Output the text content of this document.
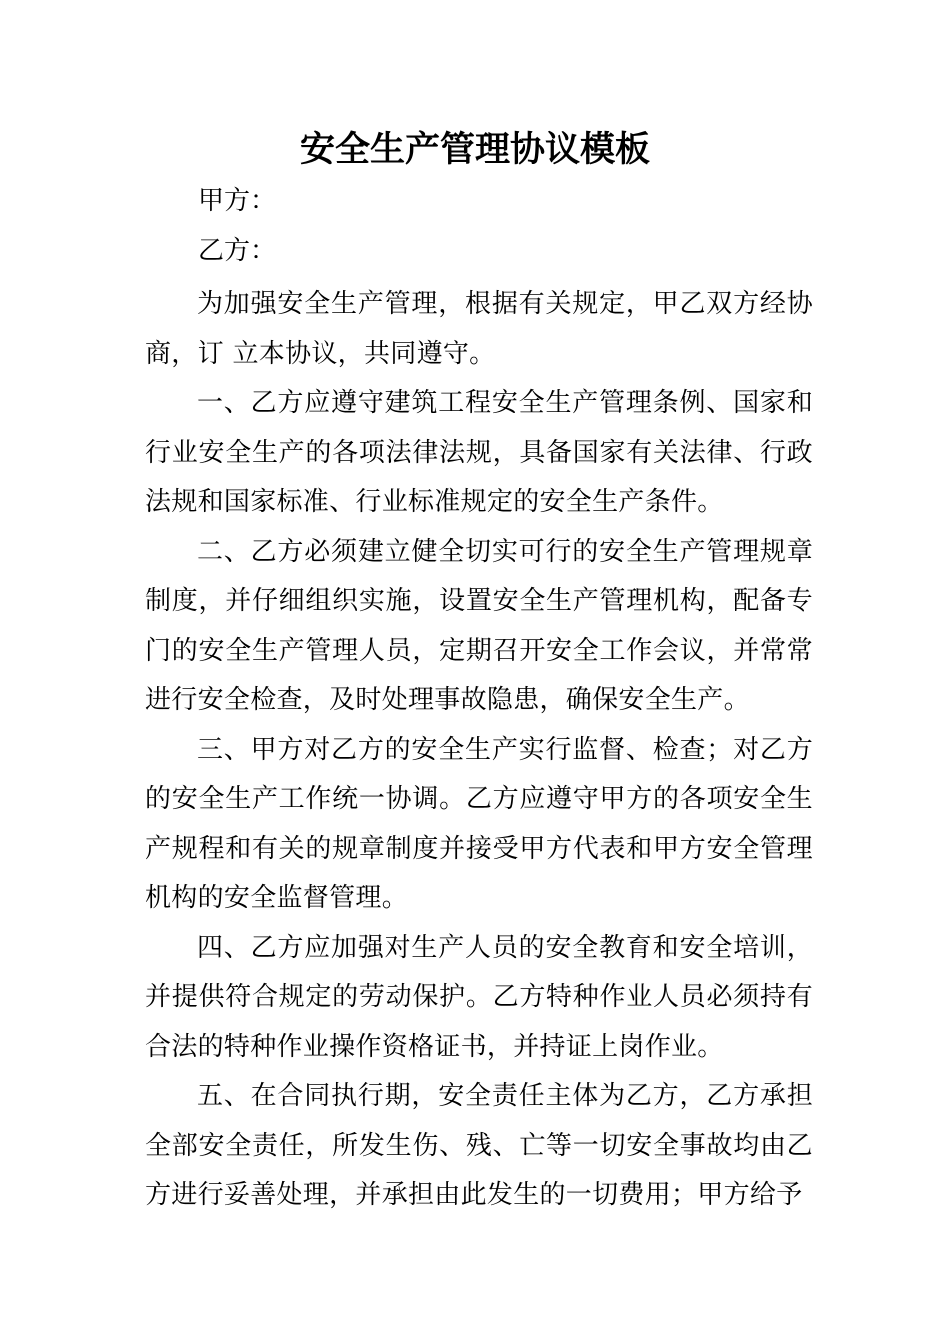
安全生产管理协议模板

甲方：

乙方：

为加强安全生产管理，根据有关规定，甲乙双方经协商，订 立本协议，共同遵守。

一、乙方应遵守建筑工程安全生产管理条例、国家和行业安全生产的各项法律法规，具备国家有关法律、行政法规和国家标准、行业标准规定的安全生产条件。

二、乙方必须建立健全切实可行的安全生产管理规章制度，并仔细组织实施，设置安全生产管理机构，配备专门的安全生产管理人员，定期召开安全工作会议，并常常进行安全检查，及时处理事故隐患，确保安全生产。

三、甲方对乙方的安全生产实行监督、检查；对乙方的安全生产工作统一协调。乙方应遵守甲方的各项安全生产规程和有关的规章制度并接受甲方代表和甲方安全管理机构的安全监督管理。

四、乙方应加强对生产人员的安全教育和安全培训，并提供符合规定的劳动保护。乙方特种作业人员必须持有合法的特种作业操作资格证书，并持证上岗作业。

五、在合同执行期，安全责任主体为乙方，乙方承担全部安全责任，所发生伤、残、亡等一切安全事故均由乙方进行妥善处理，并承担由此发生的一切费用；甲方给予
